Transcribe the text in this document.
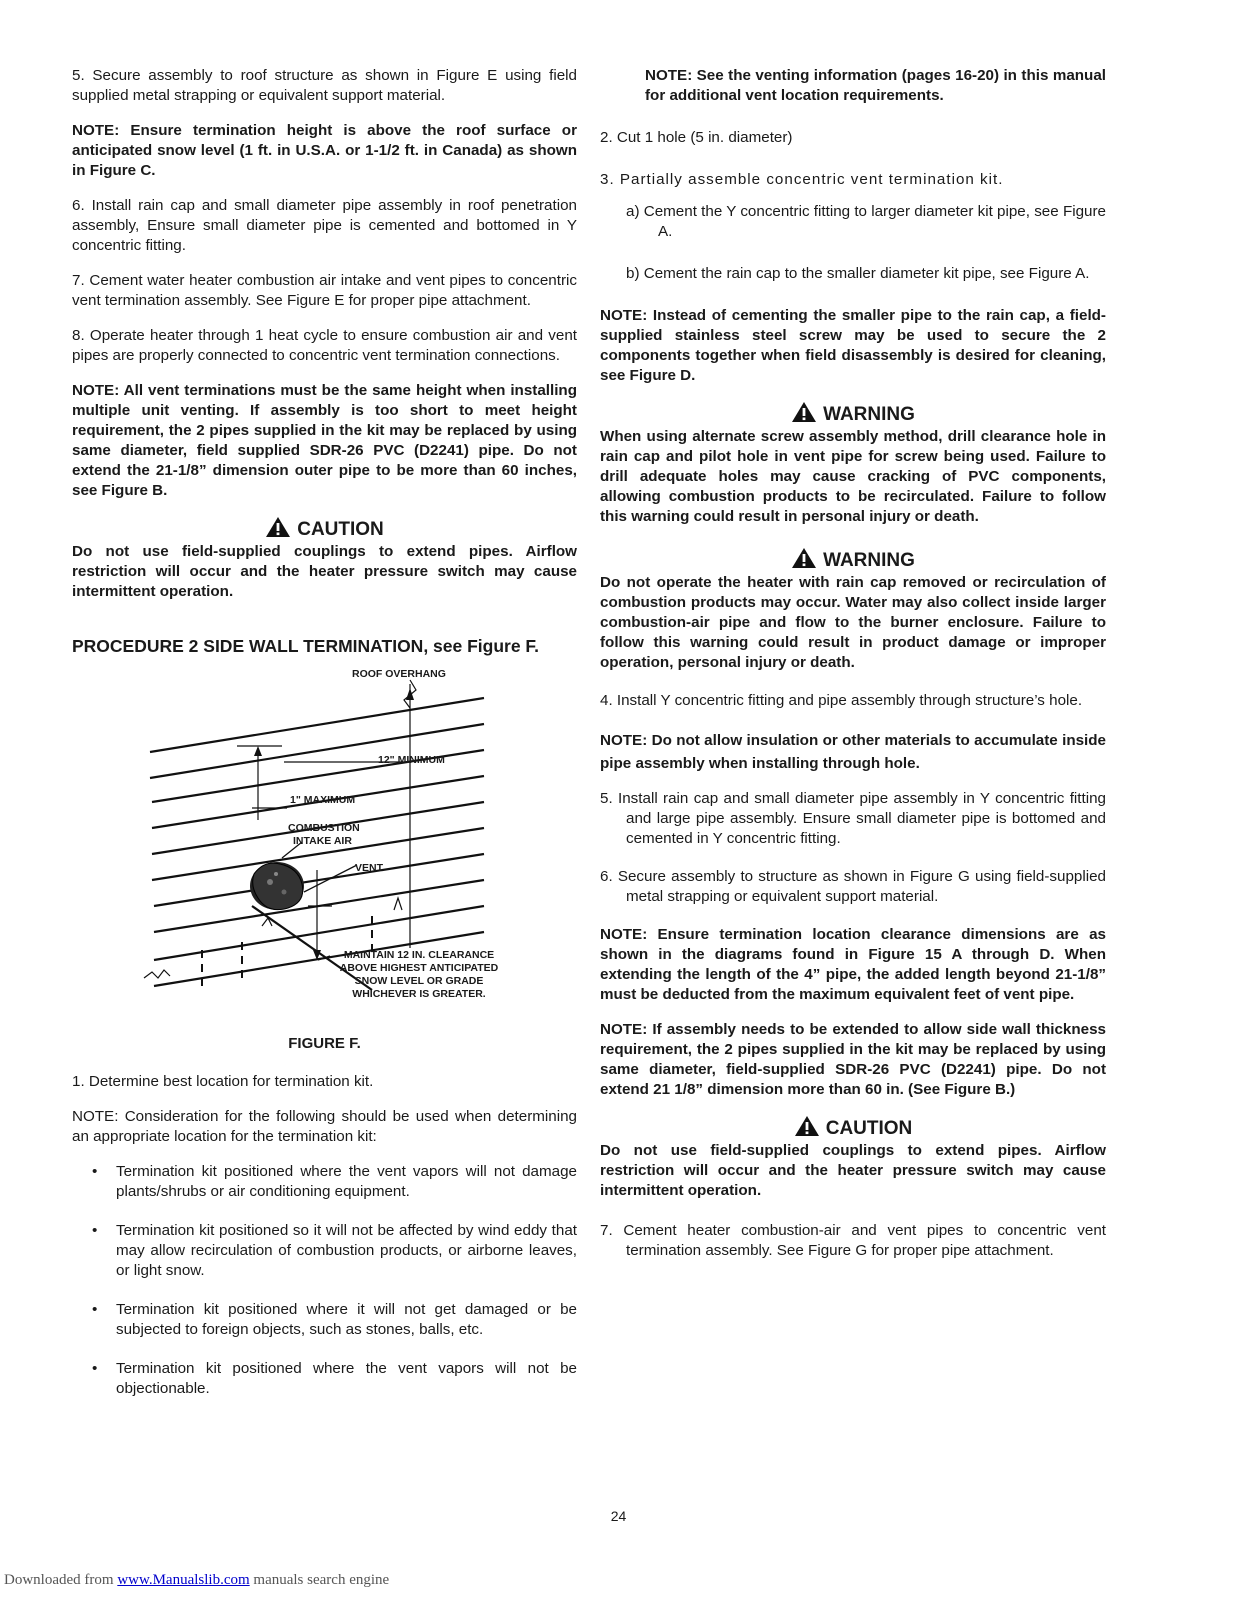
5. Secure assembly to roof structure as shown in Figure E using field supplied metal strapping or equivalent support material.

NOTE: Ensure termination height is above the roof surface or anticipated snow level (1 ft. in U.S.A. or 1-1/2 ft. in Canada) as shown in Figure C.

6. Install rain cap and small diameter pipe assembly in roof penetration assembly, Ensure small diameter pipe is cemented and bottomed in Y concentric fitting.

7. Cement water heater combustion air intake and vent pipes to concentric vent termination assembly. See Figure E for proper pipe attachment.

8. Operate heater through 1 heat cycle to ensure combustion air and vent pipes are properly connected to concentric vent termination connections.

NOTE: All vent terminations must be the same height when installing multiple unit venting. If assembly is too short to meet height requirement, the 2 pipes supplied in the kit may be replaced by using same diameter, field supplied SDR-26 PVC (D2241) pipe. Do not extend the 21-1/8” dimension outer pipe to be more than 60 inches, see Figure B.

CAUTION

Do not use field-supplied couplings to extend pipes. Airflow restriction will occur and the heater pressure switch may cause intermittent operation.

PROCEDURE 2 SIDE WALL TERMINATION, see Figure F.
ROOF OVERHANG
12" MINIMUM
1" MAXIMUM
COMBUSTION
INTAKE AIR
VENT
MAINTAIN 12 IN. CLEARANCE
ABOVE HIGHEST ANTICIPATED
SNOW LEVEL OR GRADE
WHICHEVER IS GREATER.
FIGURE F.

1. Determine best location for termination kit.

NOTE: Consideration for the following should be used when determining an appropriate location for the termination kit:

• Termination kit positioned where the vent vapors will not damage plants/shrubs or air conditioning equipment.
• Termination kit positioned so it will not be affected by wind eddy that may allow recirculation of combustion products, or airborne leaves, or light snow.
• Termination kit positioned where it will not get damaged or be subjected to foreign objects, such as stones, balls, etc.
• Termination kit positioned where the vent vapors will not be objectionable.

NOTE: See the venting information (pages 16-20) in this manual for additional vent location requirements.

2. Cut 1 hole (5 in. diameter)

3. Partially assemble concentric vent termination kit.

a) Cement the Y concentric fitting to larger diameter kit pipe, see Figure A.

b) Cement the rain cap to the smaller diameter kit pipe, see Figure A.

NOTE: Instead of cementing the smaller pipe to the rain cap, a field-supplied stainless steel screw may be used to secure the 2 components together when field disassembly is desired for cleaning, see Figure D.

WARNING

When using alternate screw assembly method, drill clearance hole in rain cap and pilot hole in vent pipe for screw being used. Failure to drill adequate holes may cause cracking of PVC components, allowing combustion products to be recirculated. Failure to follow this warning could result in personal injury or death.

WARNING

Do not operate the heater with rain cap removed or recirculation of combustion products may occur. Water may also collect inside larger combustion-air pipe and flow to the burner enclosure. Failure to follow this warning could result in product damage or improper operation, personal injury or death.

4. Install Y concentric fitting and pipe assembly through structure’s hole.

NOTE: Do not allow insulation or other materials to accumulate inside pipe assembly when installing through hole.

5. Install rain cap and small diameter pipe assembly in Y concentric fitting and large pipe assembly. Ensure small diameter pipe is bottomed and cemented in Y concentric fitting.

6. Secure assembly to structure as shown in Figure G using field-supplied metal strapping or equivalent support material.

NOTE: Ensure termination location clearance dimensions are as shown in the diagrams found in Figure 15 A through D. When extending the length of the 4” pipe, the added length beyond 21-1/8” must be deducted from the maximum equivalent feet of vent pipe.

NOTE: If assembly needs to be extended to allow side wall thickness requirement, the 2 pipes supplied in the kit may be replaced by using same diameter, field-supplied SDR-26 PVC (D2241) pipe. Do not extend 21 1/8” dimension more than 60 in. (See Figure B.)

CAUTION

Do not use field-supplied couplings to extend pipes. Airflow restriction will occur and the heater pressure switch may cause intermittent operation.

7. Cement heater combustion-air and vent pipes to concentric vent termination assembly. See Figure G for proper pipe attachment.

24
Downloaded from www.Manualslib.com manuals search engine
